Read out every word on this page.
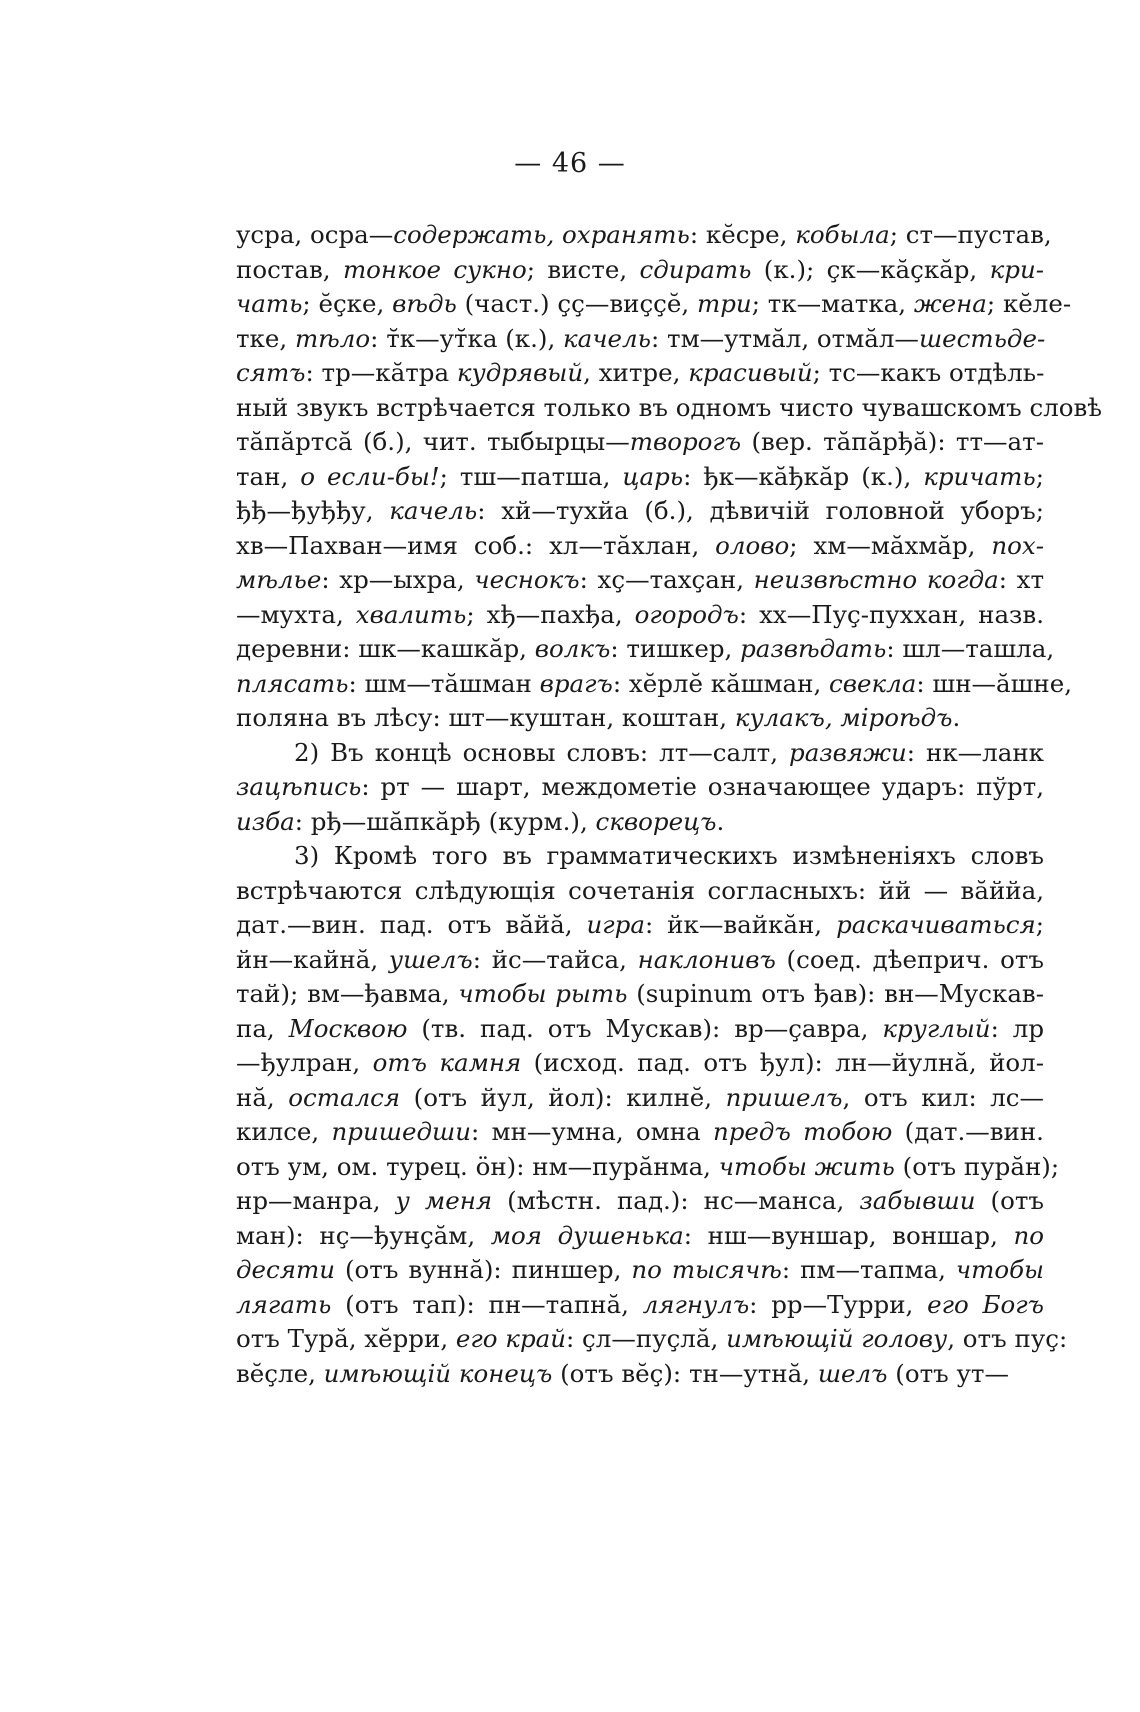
— 46 —
усра, осра—содержать, охранять: кĕсре, кобыла; ст—пустав,
постав, тонкое сукно; висте, сдирать (к.); çк—кăçкăр, кри-
чать; ĕçке, вѣдь (част.) çç—виççĕ, три; тк—матка, жена; кĕле-
тке, тѣло: т̆к—ут̆ка (к.), качель: тм—утмăл, отмăл—шестьде-
сятъ: тр—кăтра кудрявый, хитре, красивый; тс—какъ отдѣль-
ный звукъ встрѣчается только въ одномъ чисто чувашскомъ словѣ
тăпăртсă (б.), чит. тыбырцы—творогъ (вер. тăпăрђă): тт—ат-
тан, о если-бы!; тш—патша, царь: ђк—кăђкăр (к.), кричать;
ђђ—ђуђђу, качель: хй—тухйа (б.), дѣвичій головной уборъ;
хв—Пахван—имя соб.: хл—тăхлан, олово; хм—мăхмăр, пох-
мѣлье: хр—ыхра, чеснокъ: хç—тахçан, неизвѣстно когда: хт
—мухта, хвалить; хђ—пахђа, огородъ: хх—Пуç-пуххан, назв.
деревни: шк—кашкăр, волкъ: тишкер, развѣдать: шл—ташла,
плясать: шм—тăшман врагъ: хĕрлĕ кăшман, свекла: шн—ăшне,
поляна въ лѣсу: шт—куштан, коштан, кулакъ, міроѣдъ.
2) Въ концѣ основы словъ: лт—салт, развяжи: нк—ланк
зацѣпись: рт — шарт, междометіе означающее ударъ: пўрт,
изба: рђ—шăпкăрђ (курм.), скворецъ.
3) Кромѣ того въ грамматическихъ измѣненіяхъ словъ
встрѣчаются слѣдующія сочетанія согласныхъ: йй — вăййа,
дат.—вин. пад. отъ вăйă, игра: йк—вайкăн, раскачиваться;
йн—кайнă, ушелъ: йс—тайса, наклонивъ (соед. дѣеприч. отъ
тай); вм—ђавма, чтобы рыть (supinum отъ ђав): вн—Мускав-
па, Москвою (тв. пад. отъ Мускав): вр—çавра, круглый: лр
—ђулран, отъ камня (исход. пад. отъ ђул): лн—йулнă, йол-
нă, остался (отъ йул, йол): килнĕ, пришелъ, отъ кил: лс—
килсе, пришедши: мн—умна, омна предъ тобою (дат.—вин.
отъ ум, ом. турец. öн): нм—пурăнма, чтобы жить (отъ пурăн);
нр—манра, у меня (мѣстн. пад.): нс—манса, забывши (отъ
ман): нç—ђунçăм, моя душенька: нш—вуншар, воншар, по
десяти (отъ вуннă): пиншер, по тысячѣ: пм—тапма, чтобы
лягать (отъ тап): пн—тапнă, лягнулъ: рр—Турри, его Богъ
отъ Турă, хĕрри, его край: çл—пуçлă, имѣющій голову, отъ пуç:
вĕçле, имѣющій конецъ (отъ вĕç): тн—утнă, шелъ (отъ ут—
